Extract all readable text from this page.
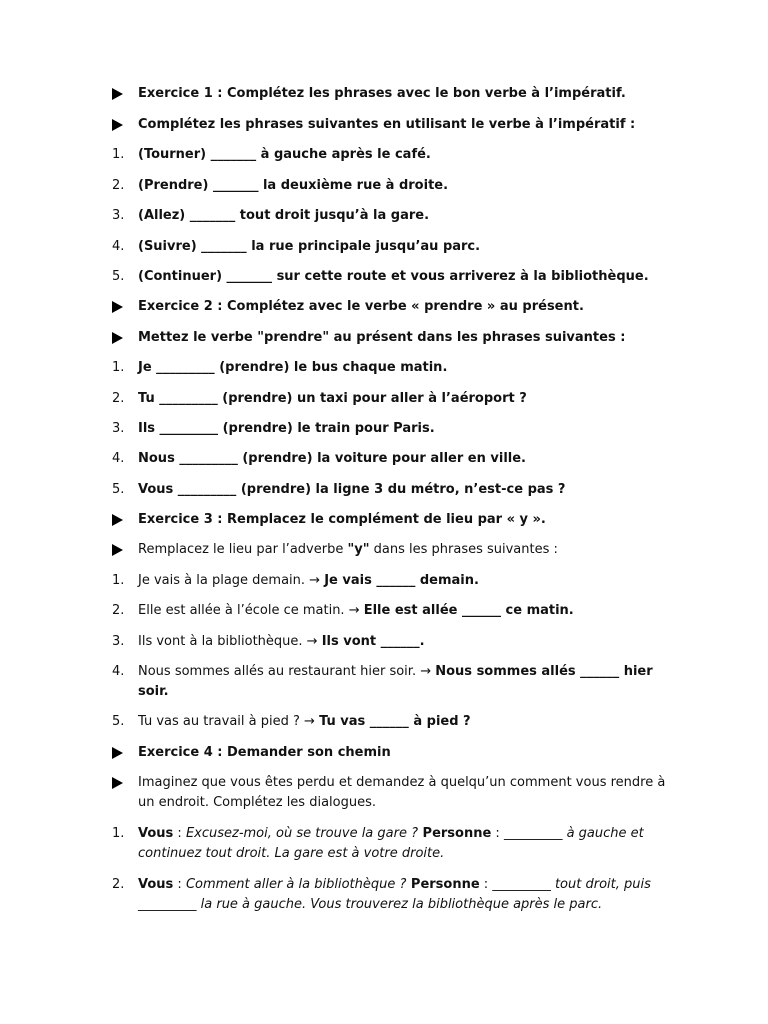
Exercice 1 : Complétez les phrases avec le bon verbe à l’impératif.
Complétez les phrases suivantes en utilisant le verbe à l’impératif :
1.	(Tourner) _______ à gauche après le café.
2.	(Prendre) _______ la deuxième rue à droite.
3.	(Allez) _______ tout droit jusqu’à la gare.
4.	(Suivre) _______ la rue principale jusqu’au parc.
5.	(Continuer) _______ sur cette route et vous arriverez à la bibliothèque.
Exercice 2 : Complétez avec le verbe « prendre » au présent.
Mettez le verbe "prendre" au présent dans les phrases suivantes :
1.	Je _________ (prendre) le bus chaque matin.
2.	Tu _________ (prendre) un taxi pour aller à l’aéroport ?
3.	Ils _________ (prendre) le train pour Paris.
4.	Nous _________ (prendre) la voiture pour aller en ville.
5.	Vous _________ (prendre) la ligne 3 du métro, n’est-ce pas ?
Exercice 3 : Remplacez le complément de lieu par « y ».
Remplacez le lieu par l’adverbe "y" dans les phrases suivantes :
1.	Je vais à la plage demain. → Je vais ______ demain.
2.	Elle est allée à l’école ce matin. → Elle est allée ______ ce matin.
3.	Ils vont à la bibliothèque. → Ils vont ______.
4.	Nous sommes allés au restaurant hier soir. → Nous sommes allés ______ hier soir.
5.	Tu vas au travail à pied ? → Tu vas ______ à pied ?
Exercice 4 : Demander son chemin
Imaginez que vous êtes perdu et demandez à quelqu’un comment vous rendre à un endroit. Complétez les dialogues.
1.	Vous : Excusez-moi, où se trouve la gare ? Personne : _________ à gauche et continuez tout droit. La gare est à votre droite.
2.	Vous : Comment aller à la bibliothèque ? Personne : _________ tout droit, puis _________ la rue à gauche. Vous trouverez la bibliothèque après le parc.
